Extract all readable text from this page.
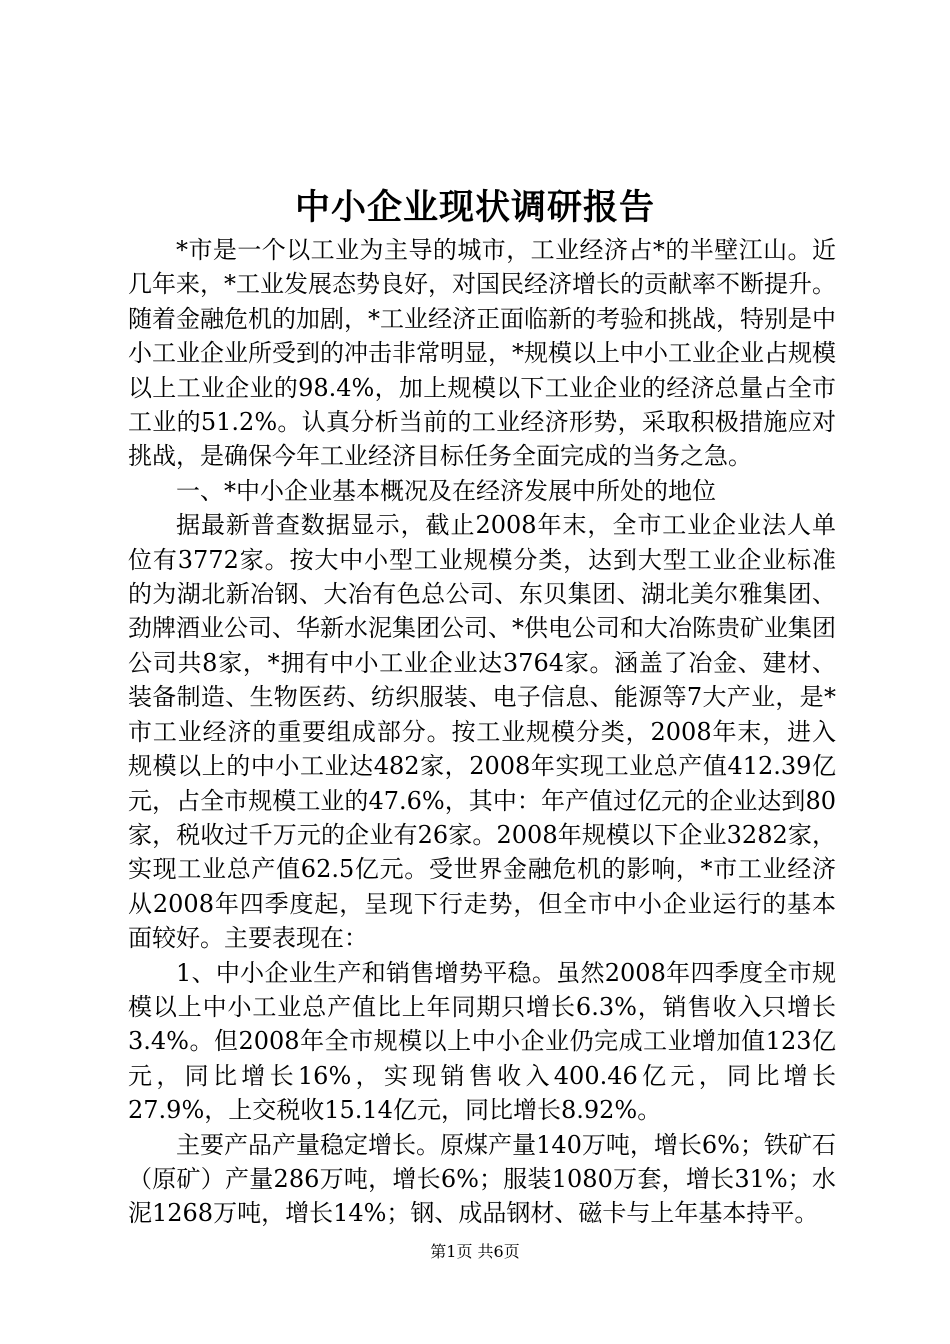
中小企业现状调研报告

*市是一个以工业为主导的城市，工业经济占*的半壁江山。近几年来，*工业发展态势良好，对国民经济增长的贡献率不断提升。随着金融危机的加剧，*工业经济正面临新的考验和挑战，特别是中小工业企业所受到的冲击非常明显，*规模以上中小工业企业占规模以上工业企业的98.4%，加上规模以下工业企业的经济总量占全市工业的51.2%。认真分析当前的工业经济形势，采取积极措施应对挑战，是确保今年工业经济目标任务全面完成的当务之急。

一、*中小企业基本概况及在经济发展中所处的地位

据最新普查数据显示，截止2008年末，全市工业企业法人单位有3772家。按大中小型工业规模分类，达到大型工业企业标准的为湖北新冶钢、大冶有色总公司、东贝集团、湖北美尔雅集团、劲牌酒业公司、华新水泥集团公司、*供电公司和大冶陈贵矿业集团公司共8家，*拥有中小工业企业达3764家。涵盖了冶金、建材、装备制造、生物医药、纺织服装、电子信息、能源等7大产业，是*市工业经济的重要组成部分。按工业规模分类，2008年末，进入规模以上的中小工业达482家，2008年实现工业总产值412.39亿元，占全市规模工业的47.6%，其中：年产值过亿元的企业达到80家，税收过千万元的企业有26家。2008年规模以下企业3282家，实现工业总产值62.5亿元。受世界金融危机的影响，*市工业经济从2008年四季度起，呈现下行走势，但全市中小企业运行的基本面较好。主要表现在：

1、中小企业生产和销售增势平稳。虽然2008年四季度全市规模以上中小工业总产值比上年同期只增长6.3%，销售收入只增长3.4%。但2008年全市规模以上中小企业仍完成工业增加值123亿元，同比增长16%，实现销售收入400.46亿元，同比增长27.9%，上交税收15.14亿元，同比增长8.92%。

主要产品产量稳定增长。原煤产量140万吨，增长6%；铁矿石（原矿）产量286万吨，增长6%；服装1080万套，增长31%；水泥1268万吨，增长14%；钢、成品钢材、磁卡与上年基本持平。

第1页 共6页
